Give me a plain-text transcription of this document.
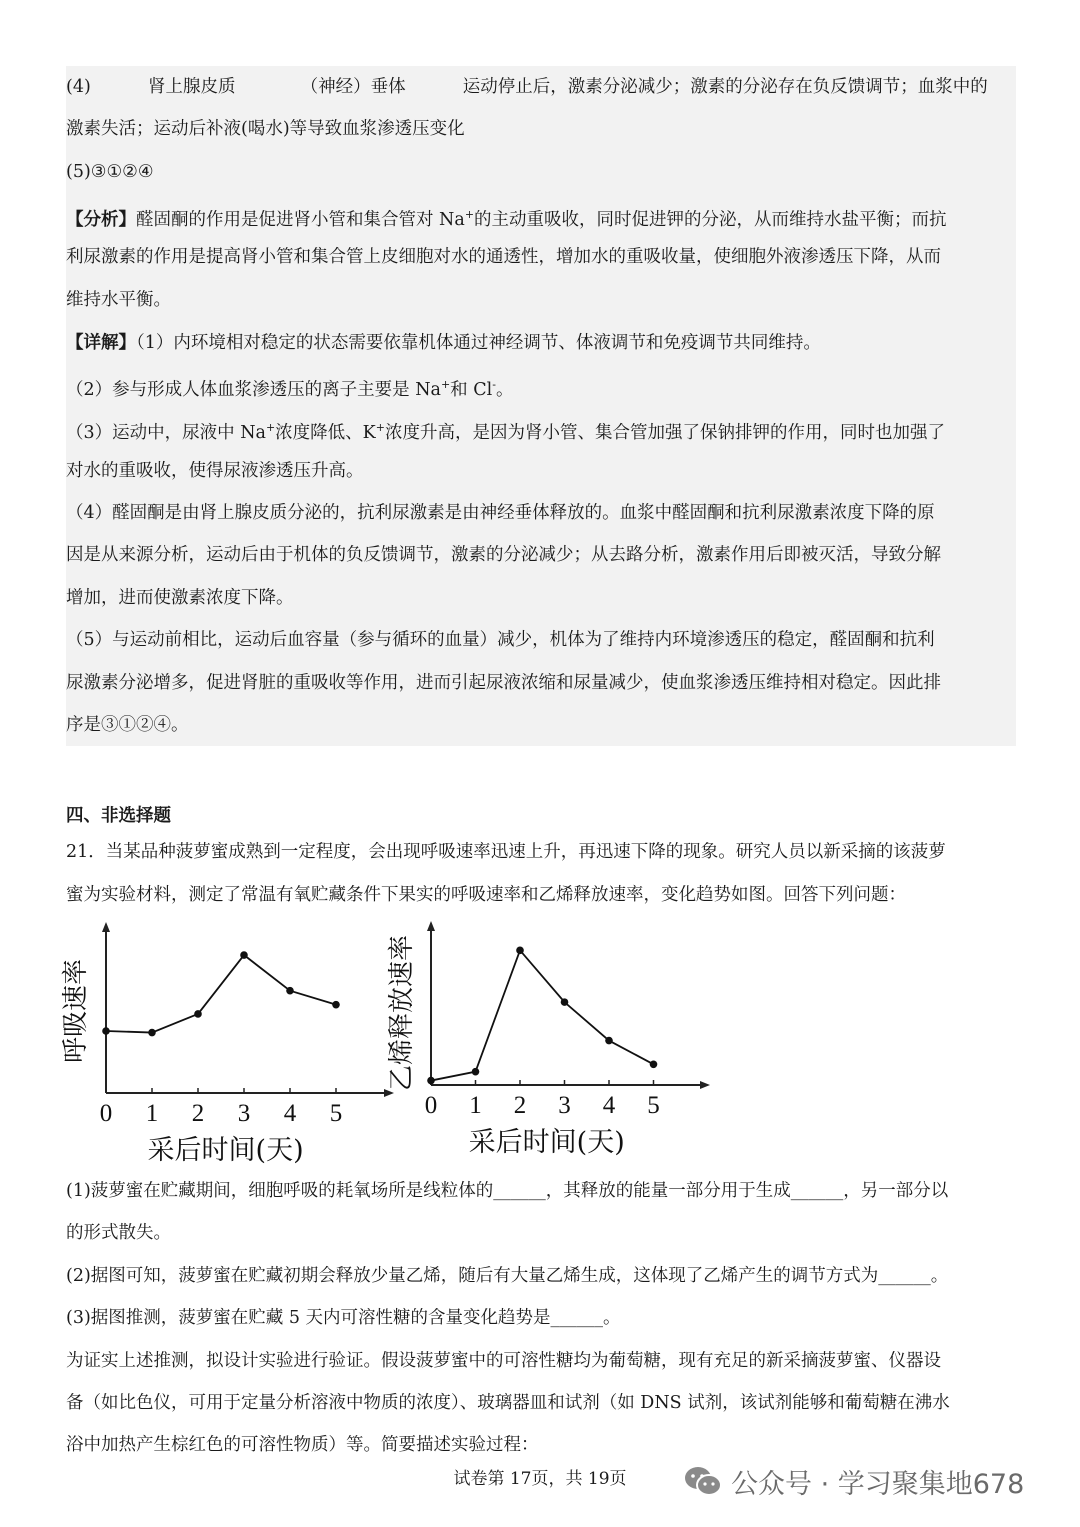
(4)	肾上腺皮质	（神经）垂体	运动停止后，激素分泌减少；激素的分泌存在负反馈调节；血浆中的
激素失活；运动后补液(喝水)等导致血浆渗透压变化
(5)③①②④
【分析】醛固酮的作用是促进肾小管和集合管对 Na+的主动重吸收，同时促进钾的分泌，从而维持水盐平衡；而抗
利尿激素的作用是提高肾小管和集合管上皮细胞对水的通透性，增加水的重吸收量，使细胞外液渗透压下降，从而
维持水平衡。
【详解】（1）内环境相对稳定的状态需要依靠机体通过神经调节、体液调节和免疫调节共同维持。
（2）参与形成人体血浆渗透压的离子主要是 Na+和 Cl-。
（3）运动中，尿液中 Na+浓度降低、K+浓度升高，是因为肾小管、集合管加强了保钠排钾的作用，同时也加强了
对水的重吸收，使得尿液渗透压升高。
（4）醛固酮是由肾上腺皮质分泌的，抗利尿激素是由神经垂体释放的。血浆中醛固酮和抗利尿激素浓度下降的原
因是从来源分析，运动后由于机体的负反馈调节，激素的分泌减少；从去路分析，激素作用后即被灭活，导致分解
增加，进而使激素浓度下降。
（5）与运动前相比，运动后血容量（参与循环的血量）减少，机体为了维持内环境渗透压的稳定，醛固酮和抗利
尿激素分泌增多，促进肾脏的重吸收等作用，进而引起尿液浓缩和尿量减少，使血浆渗透压维持相对稳定。因此排
序是③①②④。
四、非选择题
21．当某品种菠萝蜜成熟到一定程度，会出现呼吸速率迅速上升，再迅速下降的现象。研究人员以新采摘的该菠萝
蜜为实验材料，测定了常温有氧贮藏条件下果实的呼吸速率和乙烯释放速率，变化趋势如图。回答下列问题：
0 1 2 3 4 5
采后时间(天)
呼吸速率
0 1 2 3 4 5
采后时间(天)
乙烯释放速率
(1)菠萝蜜在贮藏期间，细胞呼吸的耗氧场所是线粒体的______，其释放的能量一部分用于生成______，另一部分以
的形式散失。
(2)据图可知，菠萝蜜在贮藏初期会释放少量乙烯，随后有大量乙烯生成，这体现了乙烯产生的调节方式为______。
(3)据图推测，菠萝蜜在贮藏 5 天内可溶性糖的含量变化趋势是______。
为证实上述推测，拟设计实验进行验证。假设菠萝蜜中的可溶性糖均为葡萄糖，现有充足的新采摘菠萝蜜、仪器设
备（如比色仪，可用于定量分析溶液中物质的浓度）、玻璃器皿和试剂（如 DNS 试剂，该试剂能够和葡萄糖在沸水
浴中加热产生棕红色的可溶性物质）等。简要描述实验过程：
试卷第 17页，共 19页	公众号 · 学习聚集地678
